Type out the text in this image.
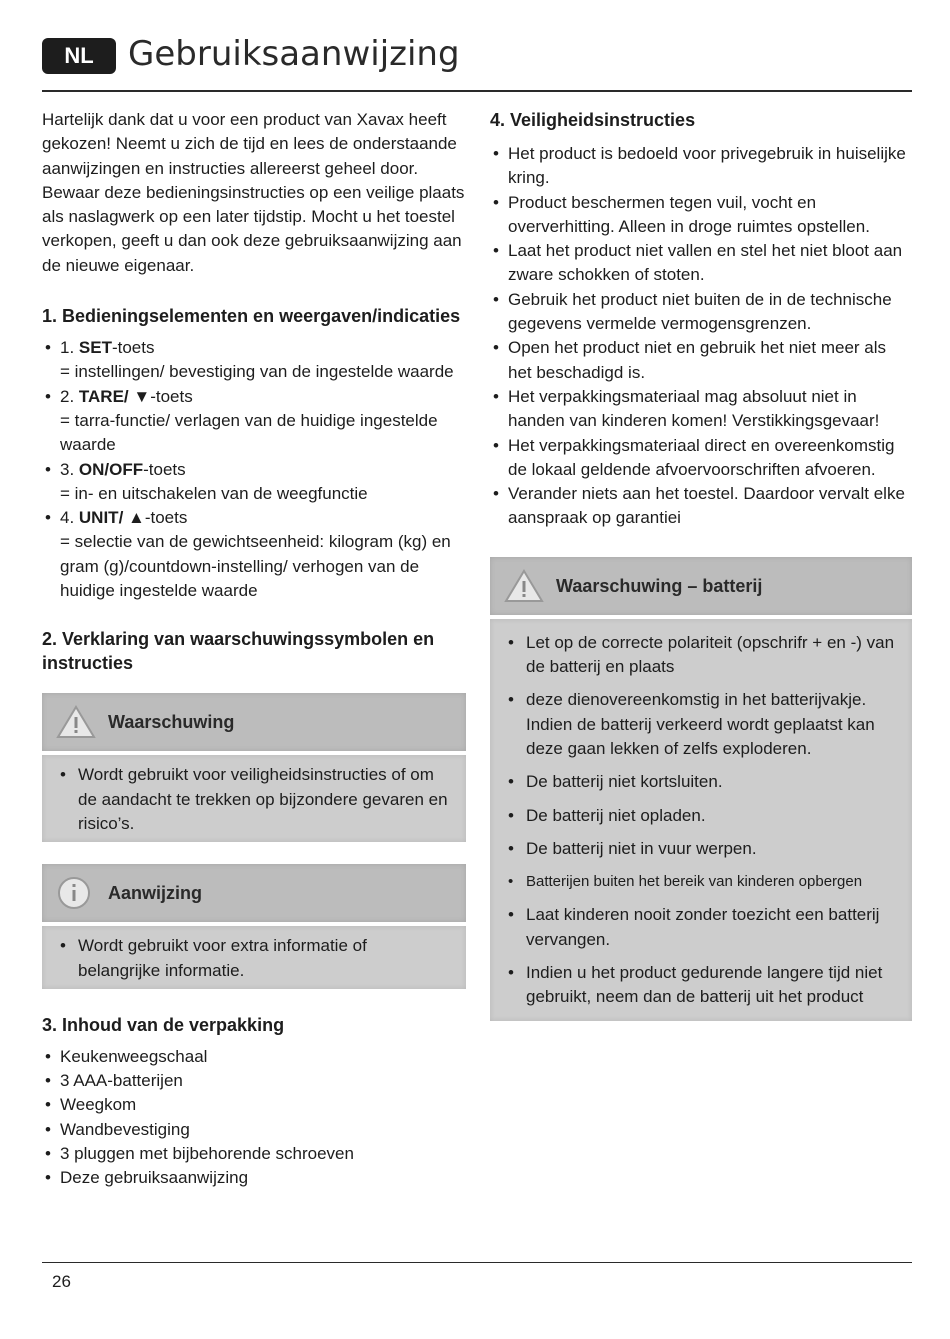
NL	Gebruiksaanwijzing

Hartelijk dank dat u voor een product van Xavax heeft gekozen! Neemt u zich de tijd en lees de onderstaande aanwijzingen en instructies allereerst geheel door. Bewaar deze bedieningsinstructies op een veilige plaats als naslagwerk op een later tijdstip. Mocht u het toestel verkopen, geeft u dan ook deze gebruiksaanwijzing aan de nieuwe eigenaar.

1. Bedieningselementen en weergaven/indicaties
• 1. SET-toets
= instellingen/ bevestiging van de ingestelde waarde
• 2. TARE/ ▼-toets
= tarra-functie/ verlagen van de huidige ingestelde waarde
• 3. ON/OFF-toets
= in- en uitschakelen van de weegfunctie
• 4. UNIT/ ▲-toets
= selectie van de gewichtseenheid: kilogram (kg) en gram (g)/countdown-instelling/ verhogen van de huidige ingestelde waarde
2. Verklaring van waarschuwingssymbolen en instructies
Waarschuwing
• Wordt gebruikt voor veiligheidsinstructies of om de aandacht te trekken op bijzondere gevaren en risico’s.
Aanwijzing
• Wordt gebruikt voor extra informatie of belangrijke informatie.
3. Inhoud van de verpakking
• Keukenweegschaal
• 3 AAA-batterijen
• Weegkom
• Wandbevestiging
• 3 pluggen met bijbehorende schroeven
• Deze gebruiksaanwijzing
4. Veiligheidsinstructies
• Het product is bedoeld voor privegebruik in huiselijke kring.
• Product beschermen tegen vuil, vocht en oververhitting. Alleen in droge ruimtes opstellen.
• Laat het product niet vallen en stel het niet bloot aan zware schokken of stoten.
• Gebruik het product niet buiten de in de technische gegevens vermelde vermogensgrenzen.
• Open het product niet en gebruik het niet meer als het beschadigd is.
• Het verpakkingsmateriaal mag absoluut niet in handen van kinderen komen! Verstikkingsgevaar!
• Het verpakkingsmateriaal direct en overeenkomstig de lokaal geldende afvoervoorschriften afvoeren.
• Verander niets aan het toestel. Daardoor vervalt elke aanspraak op garantiei
Waarschuwing – batterij
• Let op de correcte polariteit (opschrifr + en -) van de batterij en plaats
• deze dienovereenkomstig in het batterijvakje. Indien de batterij verkeerd wordt geplaatst kan deze gaan lekken of zelfs exploderen.
• De batterij niet kortsluiten.
• De batterij niet opladen.
• De batterij niet in vuur werpen.
• Batterijen buiten het bereik van kinderen opbergen
• Laat kinderen nooit zonder toezicht een batterij vervangen.
• Indien u het product gedurende langere tijd niet gebruikt, neem dan de batterij uit het product
26
